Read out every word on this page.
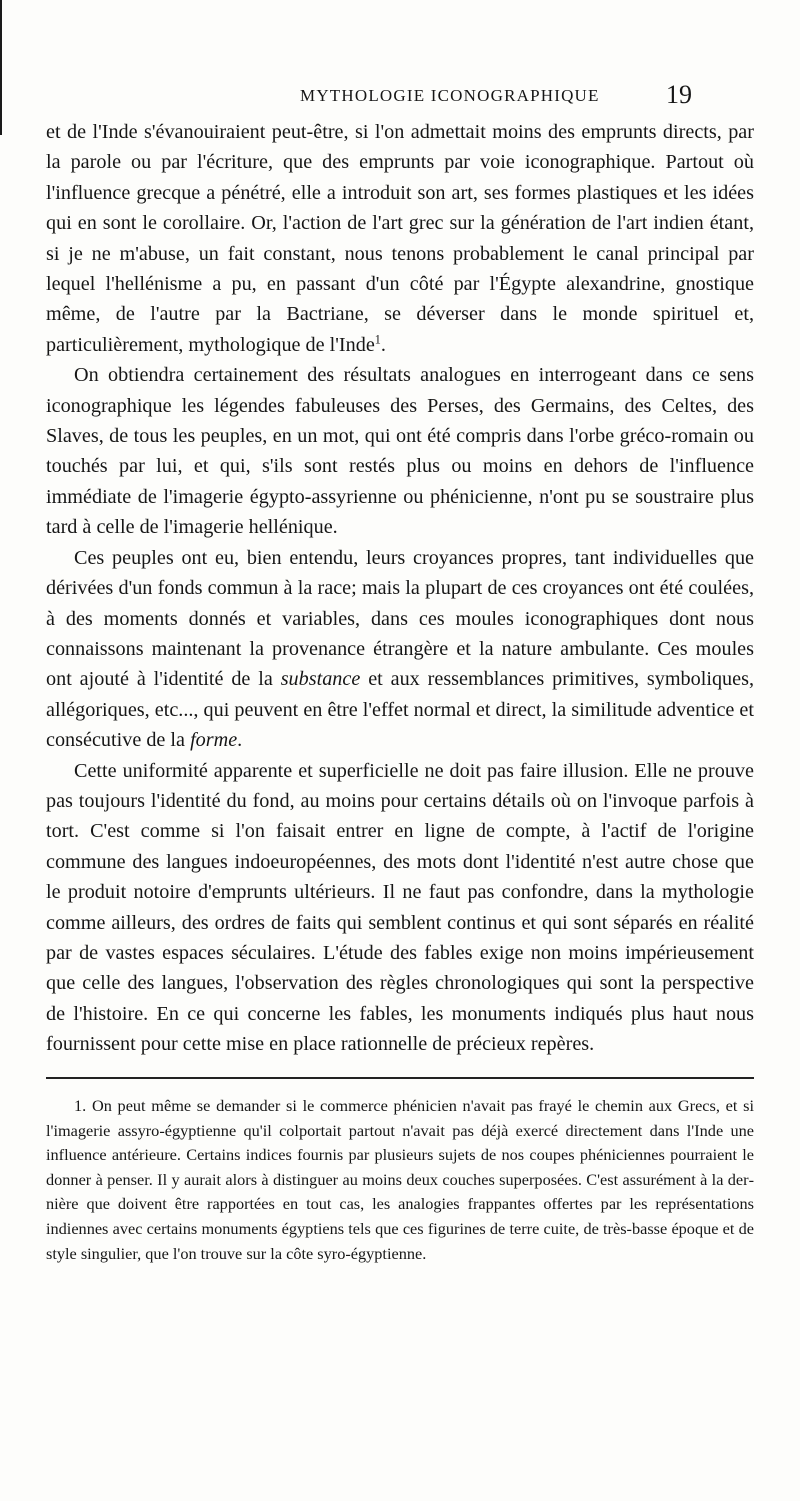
MYTHOLOGIE ICONOGRAPHIQUE	19

et de l'Inde s'évanouiraient peut-être, si l'on admettait moins des emprunts directs, par la parole ou par l'écriture, que des emprunts par voie iconographique. Partout où l'influence grecque a pénétré, elle a introduit son art, ses formes plastiques et les idées qui en sont le corollaire. Or, l'action de l'art grec sur la génération de l'art indien étant, si je ne m'abuse, un fait constant, nous tenons probablement le canal principal par lequel l'hellénisme a pu, en passant d'un côté par l'Égypte alexandrine, gnostique même, de l'autre par la Bactriane, se déverser dans le monde spirituel et, particulièrement, mythologique de l'Inde$^1$.

On obtiendra certainement des résultats analogues en interrogeant dans ce sens iconographique les légendes fabuleuses des Perses, des Germains, des Celtes, des Slaves, de tous les peuples, en un mot, qui ont été compris dans l'orbe gréco-romain ou touchés par lui, et qui, s'ils sont restés plus ou moins en dehors de l'influence immédiate de l'imagerie égypto-assyrienne ou phénicienne, n'ont pu se soustraire plus tard à celle de l'imagerie hellénique.

Ces peuples ont eu, bien entendu, leurs croyances propres, tant individuelles que dérivées d'un fonds commun à la race; mais la plupart de ces croyances ont été coulées, à des moments donnés et variables, dans ces moules iconographiques dont nous connaissons maintenant la provenance étrangère et la nature ambulante. Ces moules ont ajouté à l'identité de la substance et aux ressemblances primitives, symboliques, allégoriques, etc..., qui peuvent en être l'effet normal et direct, la similitude adventice et consécutive de la forme.

Cette uniformité apparente et superficielle ne doit pas faire illusion. Elle ne prouve pas toujours l'identité du fond, au moins pour certains détails où on l'invoque parfois à tort. C'est comme si l'on faisait entrer en ligne de compte, à l'actif de l'origine commune des langues indoeuropéennes, des mots dont l'identité n'est autre chose que le produit notoire d'emprunts ultérieurs. Il ne faut pas confondre, dans la mythologie comme ailleurs, des ordres de faits qui semblent continus et qui sont séparés en réalité par de vastes espaces séculaires. L'étude des fables exige non moins impérieusement que celle des langues, l'observation des règles chronologiques qui sont la perspective de l'histoire. En ce qui concerne les fables, les monuments indiqués plus haut nous fournissent pour cette mise en place rationnelle de précieux repères.

1. On peut même se demander si le commerce phénicien n'avait pas frayé le chemin aux Grecs, et si l'imagerie assyro-égyptienne qu'il colportait partout n'avait pas déjà exercé directement dans l'Inde une influence antérieure. Certains indices fournis par plusieurs sujets de nos coupes phéniciennes pourraient le donner à penser. Il y aurait alors à distinguer au moins deux couches superposées. C'est assurément à la dernière que doivent être rapportées en tout cas, les analogies frappantes offertes par les représentations indiennes avec certains monuments égyptiens tels que ces figurines de terre cuite, de très-basse époque et de style singulier, que l'on trouve sur la côte syro-égyptienne.
